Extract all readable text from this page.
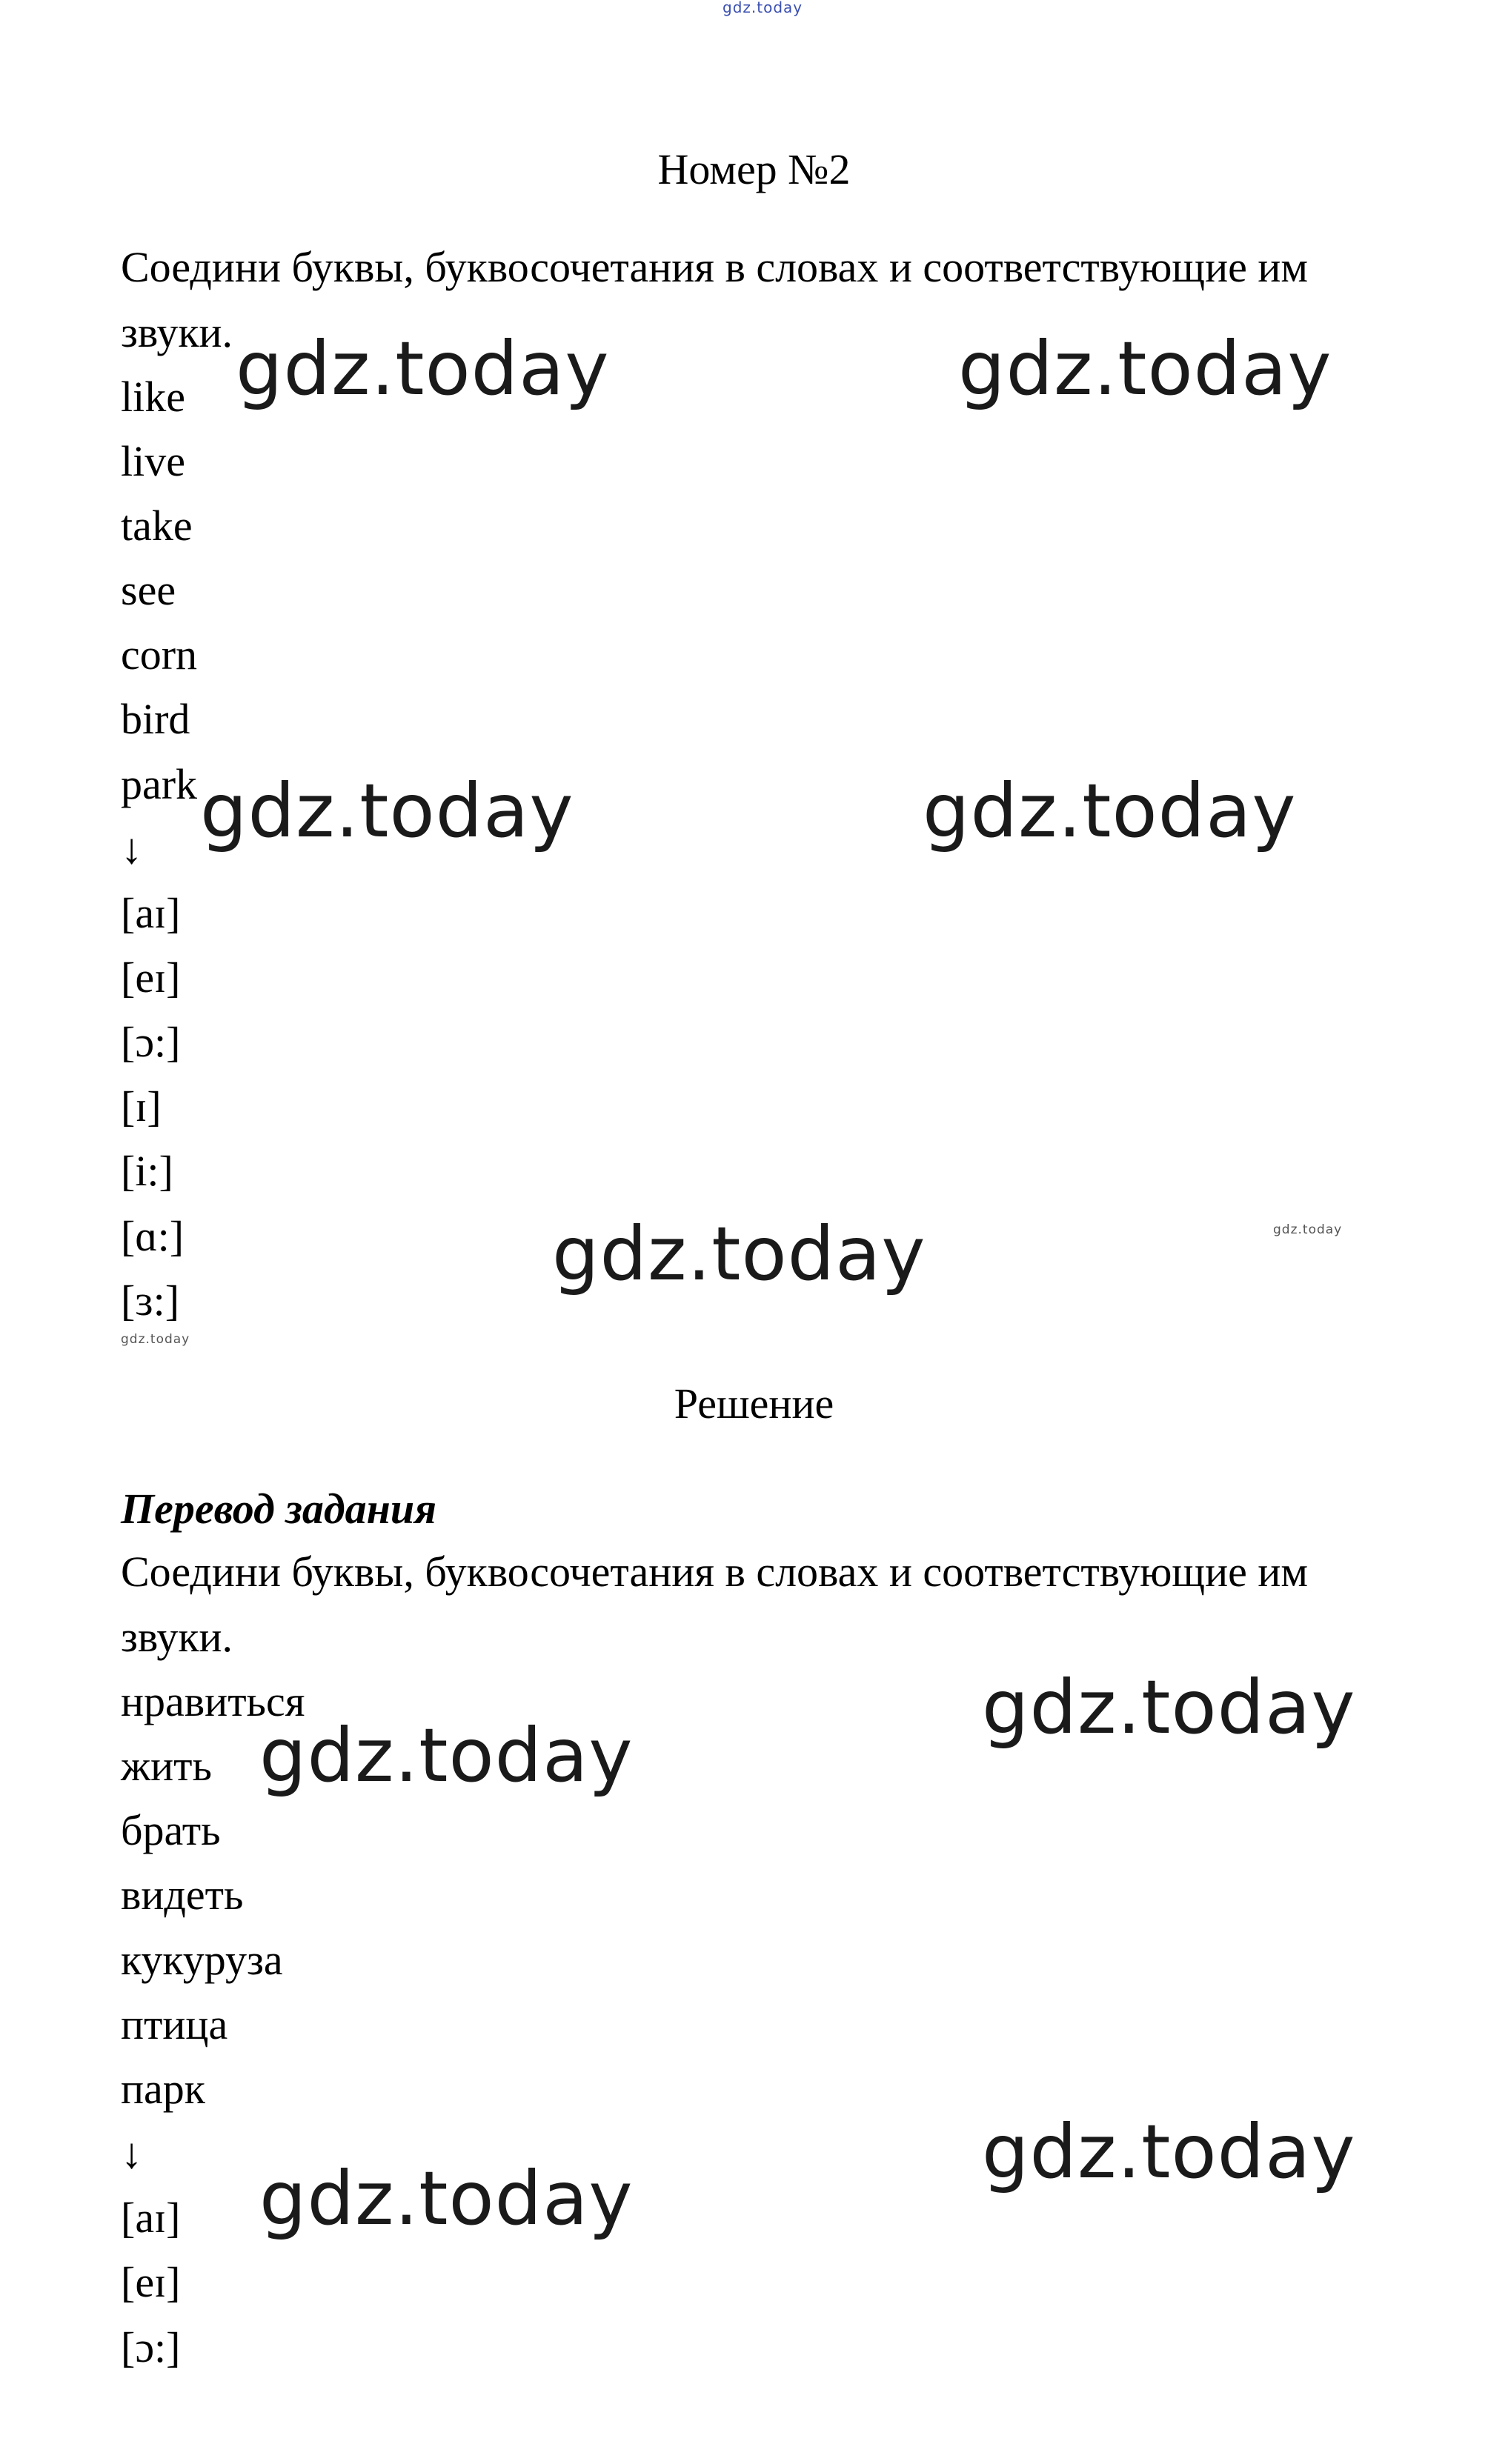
gdz.today
Номер №2
Соедини буквы, буквосочетания в словах и соответствующие им
звуки.
like
live
take
see
corn
bird
park
↓
[aɪ]
[eɪ]
[ɔ:]
[ɪ]
[i:]
[ɑ:]
[ɜ:]
Решение
Перевод задания
Соедини буквы, буквосочетания в словах и соответствующие им
звуки.
нравиться
жить
брать
видеть
кукуруза
птица
парк
↓
[aɪ]
[eɪ]
[ɔ:]
gdz.today	gdz.today
gdz.today	gdz.today
gdz.today
gdz.today
gdz.today
gdz.today
gdz.today
gdz.today
gdz.today
